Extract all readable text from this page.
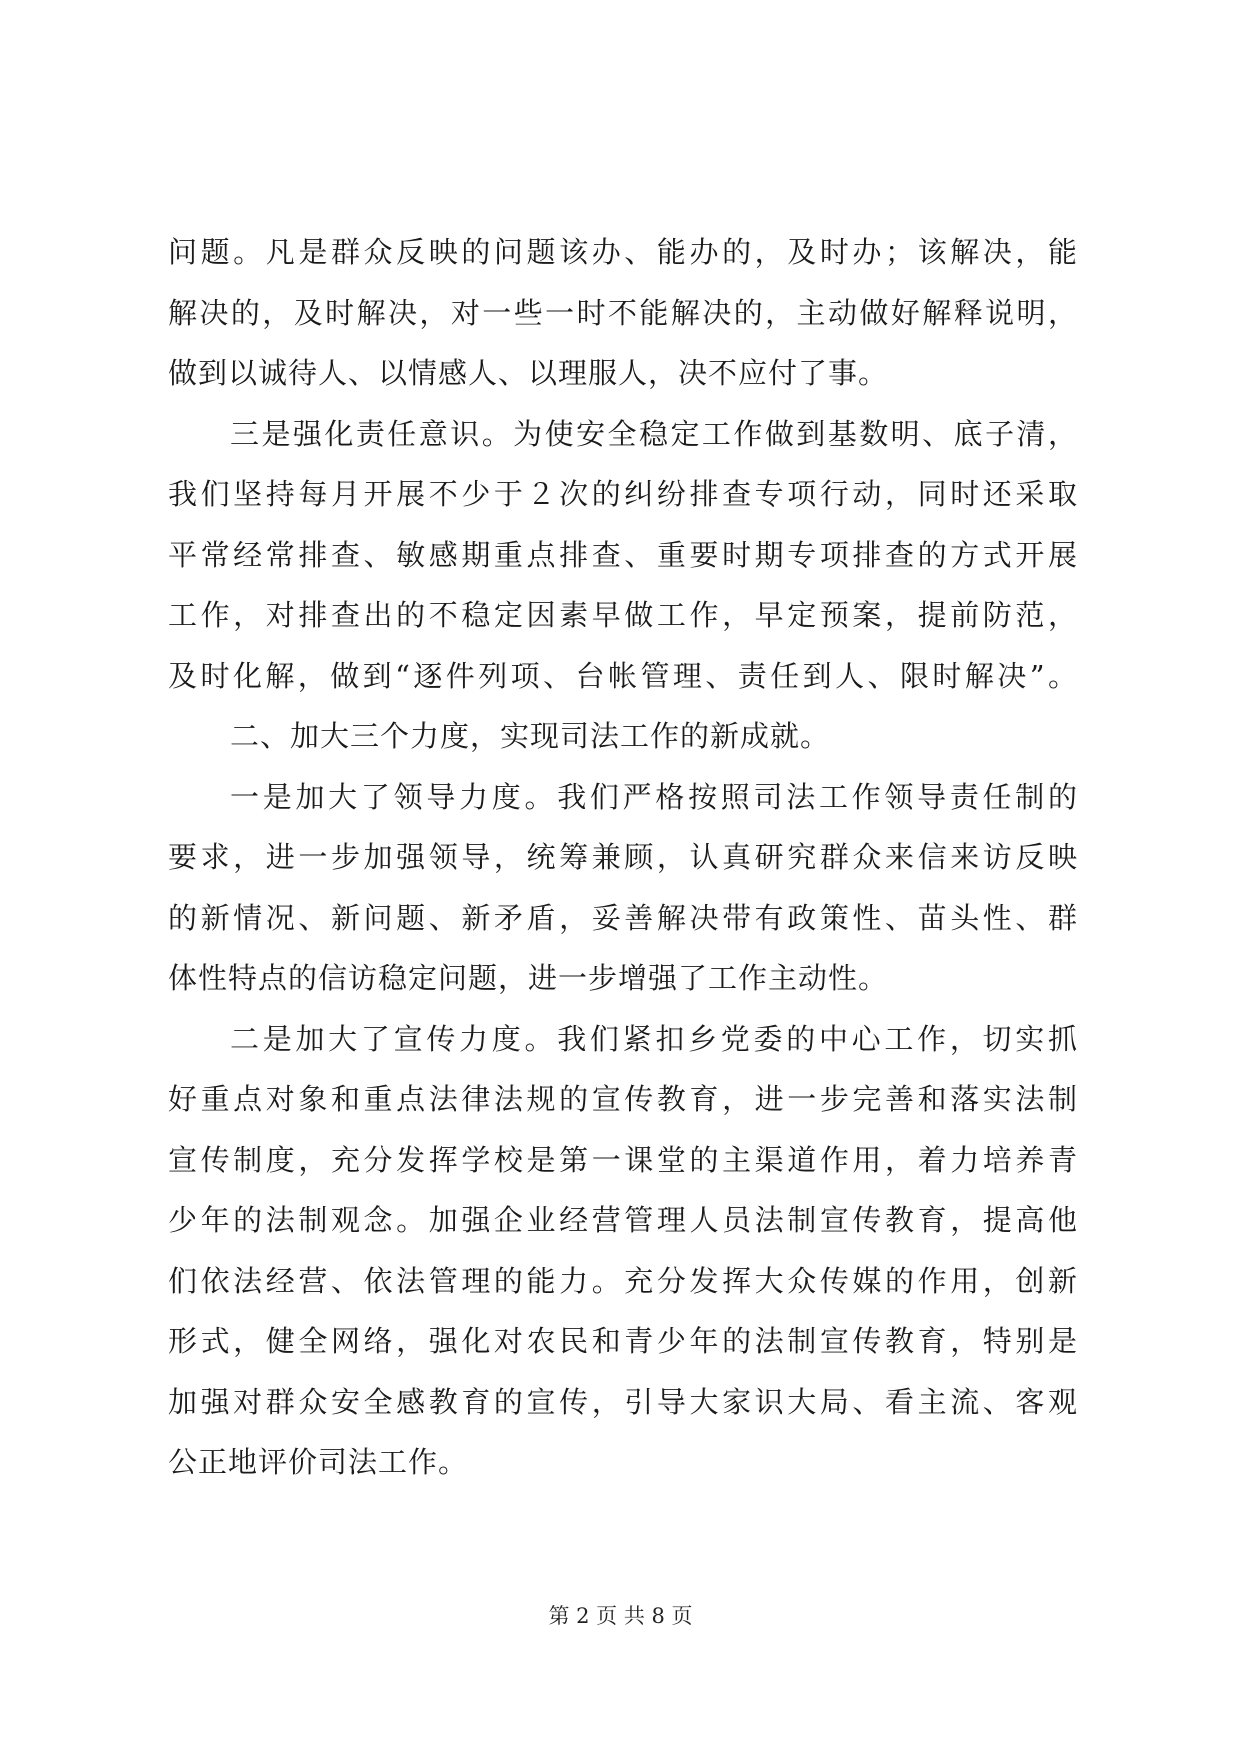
问题。凡是群众反映的问题该办、能办的，及时办；该解决，能
解决的，及时解决，对一些一时不能解决的，主动做好解释说明，
做到以诚待人、以情感人、以理服人，决不应付了事。
三是强化责任意识。为使安全稳定工作做到基数明、底子清，
我们坚持每月开展不少于２次的纠纷排查专项行动，同时还采取
平常经常排查、敏感期重点排查、重要时期专项排查的方式开展
工作，对排查出的不稳定因素早做工作，早定预案，提前防范，
及时化解，做到“逐件列项、台帐管理、责任到人、限时解决”。
二、加大三个力度，实现司法工作的新成就。
一是加大了领导力度。我们严格按照司法工作领导责任制的
要求，进一步加强领导，统筹兼顾，认真研究群众来信来访反映
的新情况、新问题、新矛盾，妥善解决带有政策性、苗头性、群
体性特点的信访稳定问题，进一步增强了工作主动性。
二是加大了宣传力度。我们紧扣乡党委的中心工作，切实抓
好重点对象和重点法律法规的宣传教育，进一步完善和落实法制
宣传制度，充分发挥学校是第一课堂的主渠道作用，着力培养青
少年的法制观念。加强企业经营管理人员法制宣传教育，提高他
们依法经营、依法管理的能力。充分发挥大众传媒的作用，创新
形式，健全网络，强化对农民和青少年的法制宣传教育，特别是
加强对群众安全感教育的宣传，引导大家识大局、看主流、客观
公正地评价司法工作。
第 2 页 共 8 页
